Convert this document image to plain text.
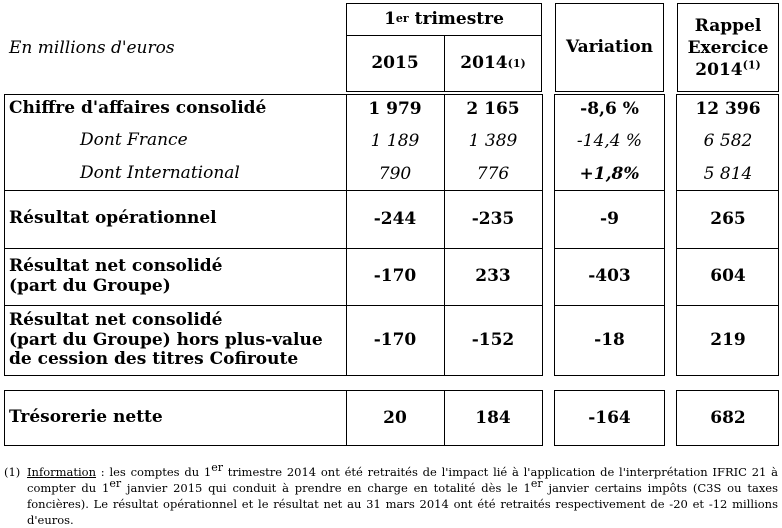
En millions d'euros
1 er trimestre
2015	2014 (1)
Variation
Rappel
Exercice
2014$^{(1)}$
Chiffre d'affaires consolidé	1 979	2 165	-8,6 %	12 396
Dont France	1 189	1 389	-14,4 %	6 582
Dont International	790	776	+1,8%	5 814
Résultat opérationnel	-244	-235	-9	265
Résultat net consolidé
(part du Groupe)	-170	233	-403	604
Résultat net consolidé
(part du Groupe) hors plus-value
de cession des titres Cofiroute
-170	-152	-18	219
Trésorerie nette	20	184	-164	682
(1) Information : les comptes du 1er trimestre 2014 ont été retraités de l'impact lié à l'application de l'interprétation IFRIC 21 à compter du 1er janvier 2015 qui conduit à prendre en charge en totalité dès le 1er janvier certains impôts (C3S ou taxes foncières). Le résultat opérationnel et le résultat net au 31 mars 2014 ont été retraités respectivement de -20 et -12 millions d'euros.
